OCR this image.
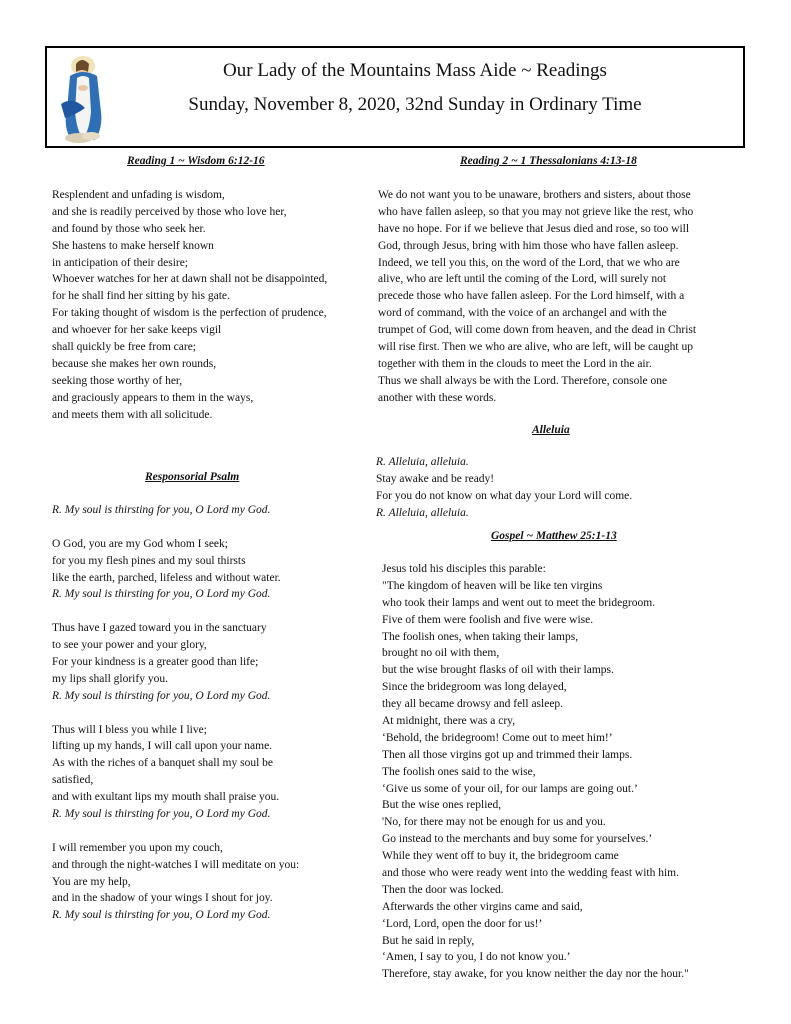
Our Lady of the Mountains Mass Aide ~ Readings
Sunday, November 8, 2020, 32nd Sunday in Ordinary Time
Reading 1 ~ Wisdom 6:12-16
Resplendent and unfading is wisdom,
and she is readily perceived by those who love her,
and found by those who seek her.
She hastens to make herself known
in anticipation of their desire;
Whoever watches for her at dawn shall not be disappointed,
for he shall find her sitting by his gate.
For taking thought of wisdom is the perfection of prudence,
and whoever for her sake keeps vigil
shall quickly be free from care;
because she makes her own rounds,
seeking those worthy of her,
and graciously appears to them in the ways,
and meets them with all solicitude.
Responsorial Psalm
R. My soul is thirsting for you, O Lord my God.
O God, you are my God whom I seek;
for you my flesh pines and my soul thirsts
like the earth, parched, lifeless and without water.
R. My soul is thirsting for you, O Lord my God.
Thus have I gazed toward you in the sanctuary
to see your power and your glory,
For your kindness is a greater good than life;
my lips shall glorify you.
R. My soul is thirsting for you, O Lord my God.
Thus will I bless you while I live;
lifting up my hands, I will call upon your name.
As with the riches of a banquet shall my soul be
satisfied,
and with exultant lips my mouth shall praise you.
R. My soul is thirsting for you, O Lord my God.
I will remember you upon my couch,
and through the night-watches I will meditate on you:
You are my help,
and in the shadow of your wings I shout for joy.
R. My soul is thirsting for you, O Lord my God.
Reading 2 ~ 1 Thessalonians 4:13-18
We do not want you to be unaware, brothers and sisters, about those
who have fallen asleep, so that you may not grieve like the rest, who
have no hope. For if we believe that Jesus died and rose, so too will
God, through Jesus, bring with him those who have fallen asleep.
Indeed, we tell you this, on the word of the Lord, that we who are
alive, who are left until the coming of the Lord, will surely not
precede those who have fallen asleep. For the Lord himself, with a
word of command, with the voice of an archangel and with the
trumpet of God, will come down from heaven, and the dead in Christ
will rise first. Then we who are alive, who are left, will be caught up
together with them in the clouds to meet the Lord in the air.
Thus we shall always be with the Lord. Therefore, console one
another with these words.
Alleluia
R. Alleluia, alleluia.
Stay awake and be ready!
For you do not know on what day your Lord will come.
R. Alleluia, alleluia.
Gospel ~ Matthew 25:1-13
Jesus told his disciples this parable:
"The kingdom of heaven will be like ten virgins
who took their lamps and went out to meet the bridegroom.
Five of them were foolish and five were wise.
The foolish ones, when taking their lamps,
brought no oil with them,
but the wise brought flasks of oil with their lamps.
Since the bridegroom was long delayed,
they all became drowsy and fell asleep.
At midnight, there was a cry,
‘Behold, the bridegroom! Come out to meet him!’
Then all those virgins got up and trimmed their lamps.
The foolish ones said to the wise,
‘Give us some of your oil, for our lamps are going out.’
But the wise ones replied,
'No, for there may not be enough for us and you.
Go instead to the merchants and buy some for yourselves.’
While they went off to buy it, the bridegroom came
and those who were ready went into the wedding feast with him.
Then the door was locked.
Afterwards the other virgins came and said,
‘Lord, Lord, open the door for us!’
But he said in reply,
‘Amen, I say to you, I do not know you.’
Therefore, stay awake, for you know neither the day nor the hour."
